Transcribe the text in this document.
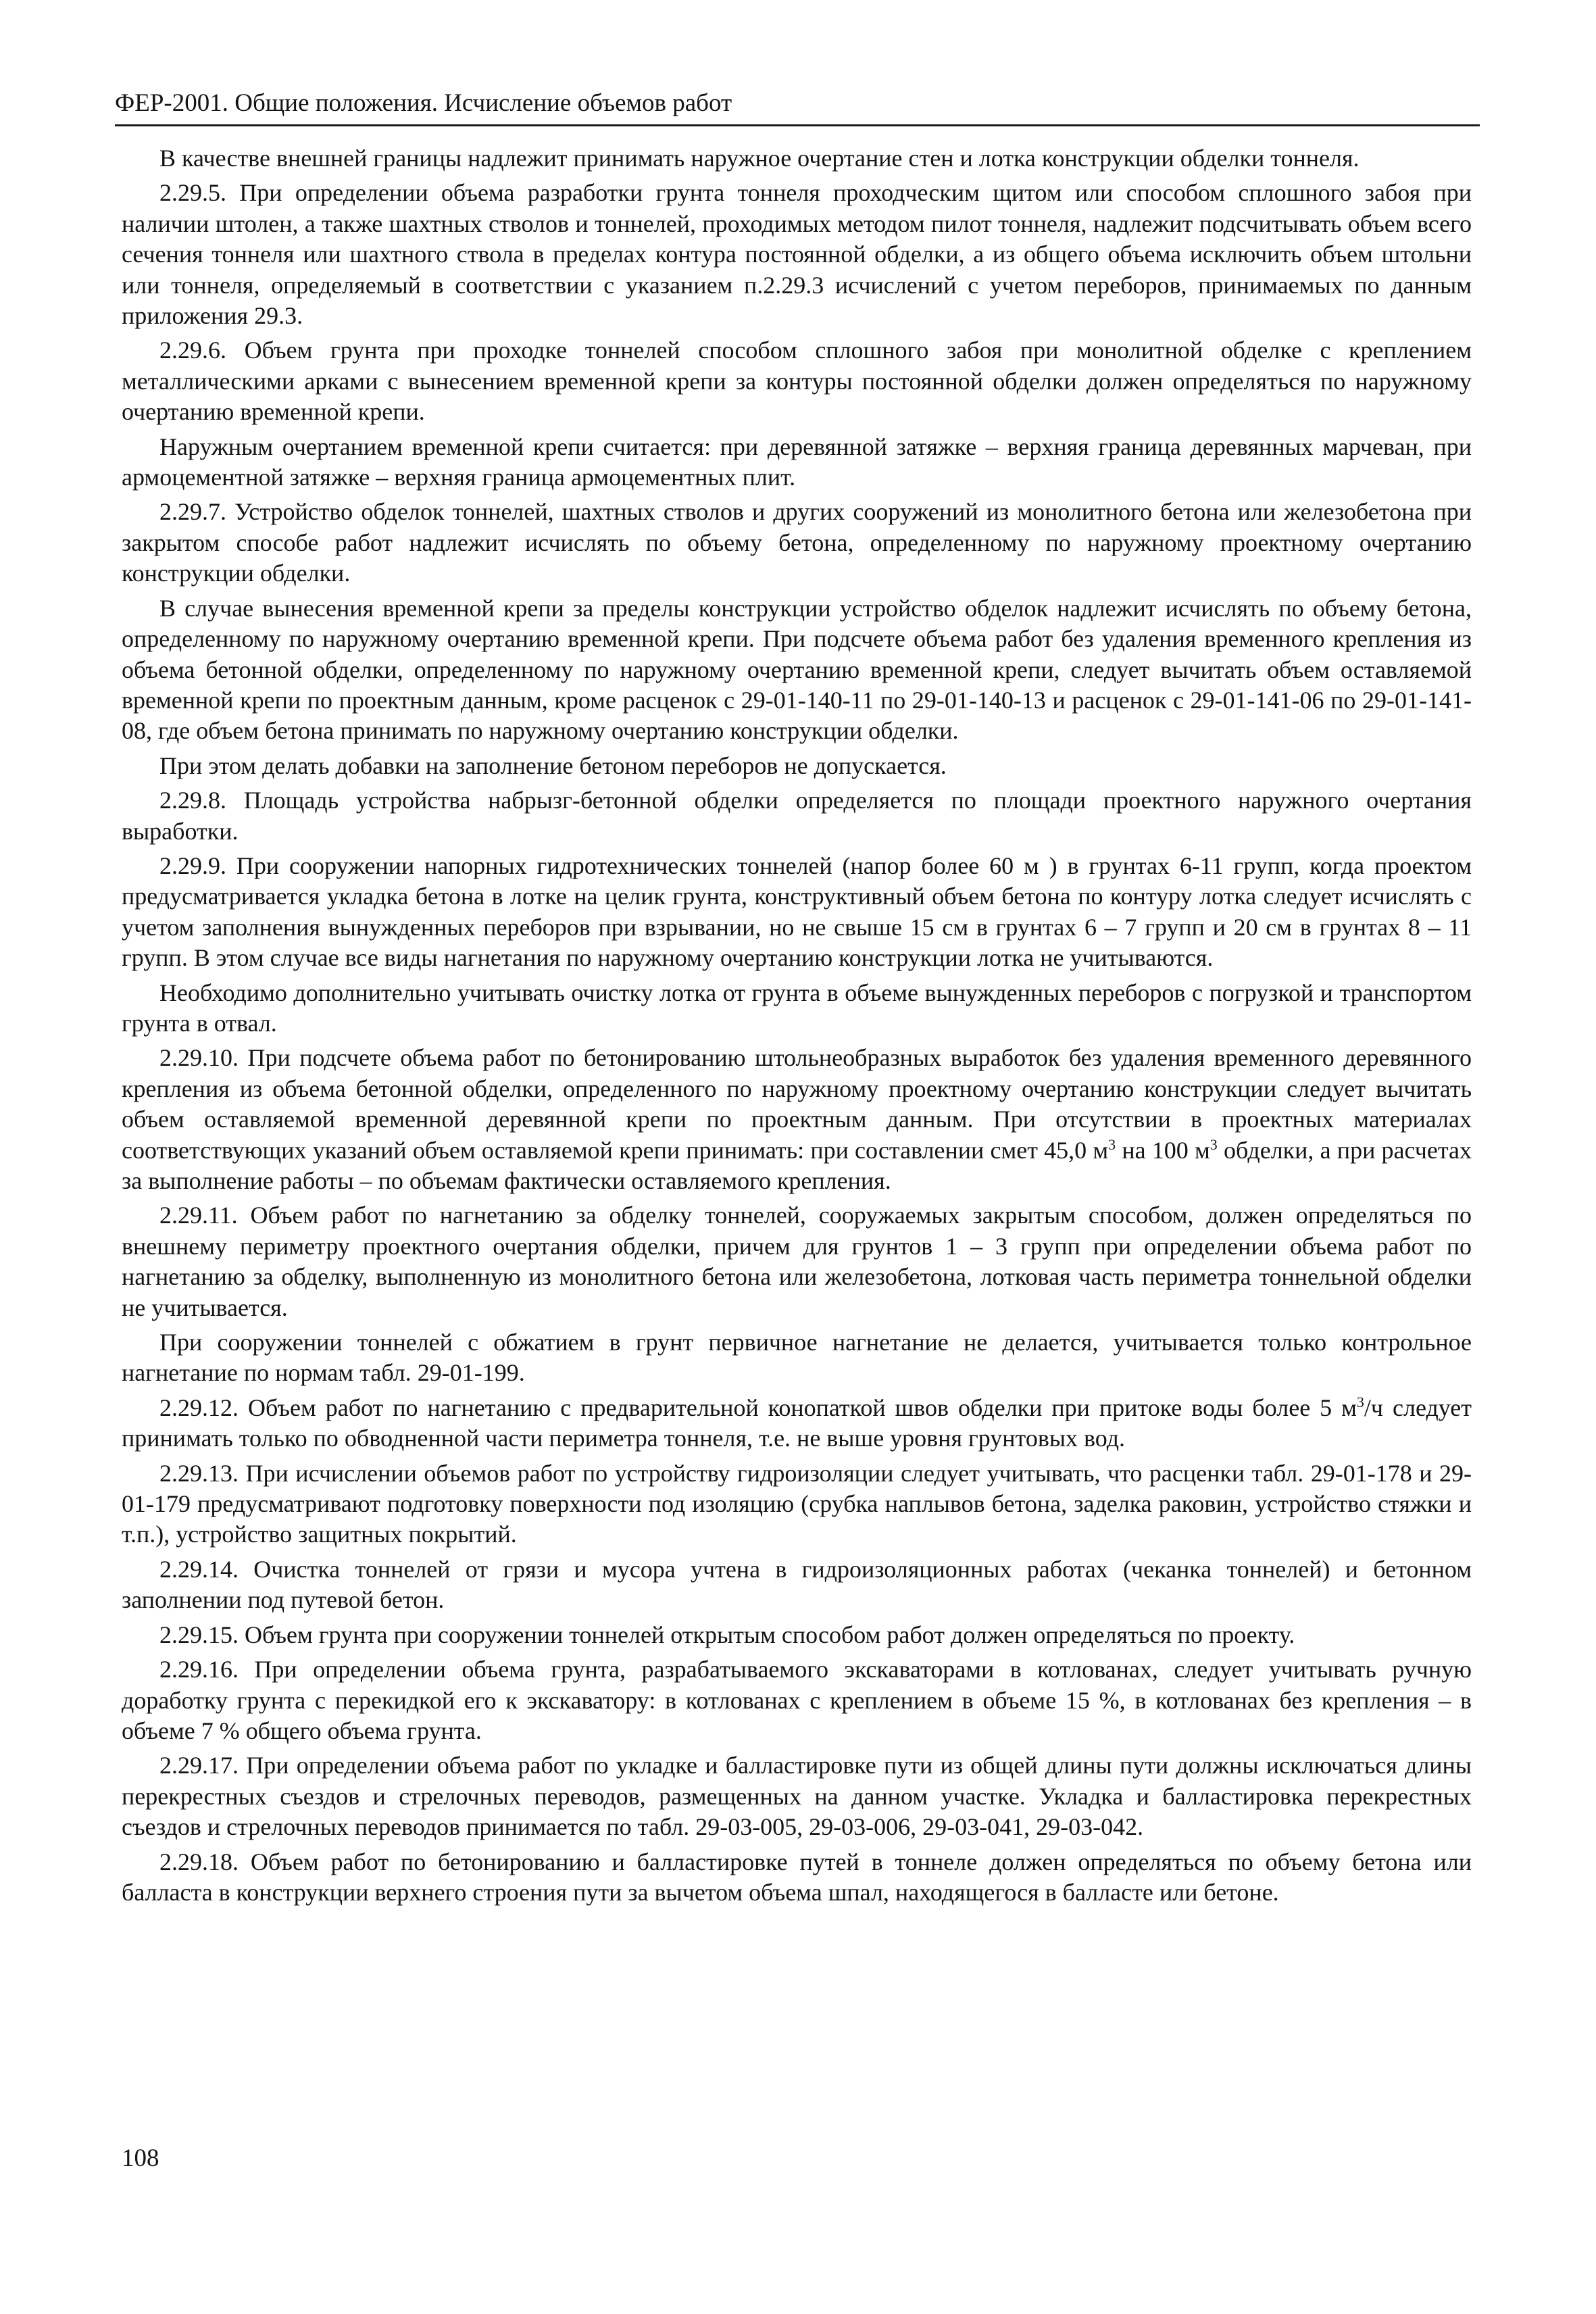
ФЕР-2001. Общие положения. Исчисление объемов работ

В качестве внешней границы надлежит принимать наружное очертание стен и лотка конструкции обделки тоннеля.

2.29.5. При определении объема разработки грунта тоннеля проходческим щитом или способом сплошного забоя при наличии штолен, а также шахтных стволов и тоннелей, проходимых методом пилот тоннеля, надлежит подсчитывать объем всего сечения тоннеля или шахтного ствола в пределах контура постоянной обделки, а из общего объема исключить объем штольни или тоннеля, определяемый в соответствии с указанием п.2.29.3 исчислений с учетом переборов, принимаемых по данным приложения 29.3.

2.29.6. Объем грунта при проходке тоннелей способом сплошного забоя при монолитной обделке с креплением металлическими арками с вынесением временной крепи за контуры постоянной обделки должен определяться по наружному очертанию временной крепи.

Наружным очертанием временной крепи считается: при деревянной затяжке – верхняя граница деревянных марчеван, при армоцементной затяжке – верхняя граница армоцементных плит.

2.29.7. Устройство обделок тоннелей, шахтных стволов и других сооружений из монолитного бетона или железобетона при закрытом способе работ надлежит исчислять по объему бетона, определенному по наружному проектному очертанию конструкции обделки.

В случае вынесения временной крепи за пределы конструкции устройство обделок надлежит исчислять по объему бетона, определенному по наружному очертанию временной крепи. При подсчете объема работ без удаления временного крепления из объема бетонной обделки, определенному по наружному очертанию временной крепи, следует вычитать объем оставляемой временной крепи по проектным данным, кроме расценок с 29-01-140-11 по 29-01-140-13 и расценок с 29-01-141-06 по 29-01-141-08, где объем бетона принимать по наружному очертанию конструкции обделки.

При этом делать добавки на заполнение бетоном переборов не допускается.

2.29.8. Площадь устройства набрызг-бетонной обделки определяется по площади проектного наружного очертания выработки.

2.29.9. При сооружении напорных гидротехнических тоннелей (напор более 60 м ) в грунтах 6-11 групп, когда проектом предусматривается укладка бетона в лотке на целик грунта, конструктивный объем бетона по контуру лотка следует исчислять с учетом заполнения вынужденных переборов при взрывании, но не свыше 15 см в грунтах 6 – 7 групп и 20 см в грунтах 8 – 11 групп. В этом случае все виды нагнетания по наружному очертанию конструкции лотка не учитываются.

Необходимо дополнительно учитывать очистку лотка от грунта в объеме вынужденных переборов с погрузкой и транспортом грунта в отвал.

2.29.10. При подсчете объема работ по бетонированию штольнеобразных выработок без удаления временного деревянного крепления из объема бетонной обделки, определенного по наружному проектному очертанию конструкции следует вычитать объем оставляемой временной деревянной крепи по проектным данным. При отсутствии в проектных материалах соответствующих указаний объем оставляемой крепи принимать: при составлении смет 45,0 $м^3$ на 100 $м^3$ обделки, а при расчетах за выполнение работы – по объемам фактически оставляемого крепления.

2.29.11. Объем работ по нагнетанию за обделку тоннелей, сооружаемых закрытым способом, должен определяться по внешнему периметру проектного очертания обделки, причем для грунтов 1 – 3 групп при определении объема работ по нагнетанию за обделку, выполненную из монолитного бетона или железобетона, лотковая часть периметра тоннельной обделки не учитывается.

При сооружении тоннелей с обжатием в грунт первичное нагнетание не делается, учитывается только контрольное нагнетание по нормам табл. 29-01-199.

2.29.12. Объем работ по нагнетанию с предварительной конопаткой швов обделки при притоке воды более 5 $м^3/ч$ следует принимать только по обводненной части периметра тоннеля, т.е. не выше уровня грунтовых вод.

2.29.13. При исчислении объемов работ по устройству гидроизоляции следует учитывать, что расценки табл. 29-01-178 и 29-01-179 предусматривают подготовку поверхности под изоляцию (срубка наплывов бетона, заделка раковин, устройство стяжки и т.п.), устройство защитных покрытий.

2.29.14. Очистка тоннелей от грязи и мусора учтена в гидроизоляционных работах (чеканка тоннелей) и бетонном заполнении под путевой бетон.

2.29.15. Объем грунта при сооружении тоннелей открытым способом работ должен определяться по проекту.

2.29.16. При определении объема грунта, разрабатываемого экскаваторами в котлованах, следует учитывать ручную доработку грунта с перекидкой его к экскаватору: в котлованах с креплением в объеме 15 %, в котлованах без крепления – в объеме 7 % общего объема грунта.

2.29.17. При определении объема работ по укладке и балластировке пути из общей длины пути должны исключаться длины перекрестных съездов и стрелочных переводов, размещенных на данном участке. Укладка и балластировка перекрестных съездов и стрелочных переводов принимается по табл. 29-03-005, 29-03-006, 29-03-041, 29-03-042.

2.29.18. Объем работ по бетонированию и балластировке путей в тоннеле должен определяться по объему бетона или балласта в конструкции верхнего строения пути за вычетом объема шпал, находящегося в балласте или бетоне.

108
